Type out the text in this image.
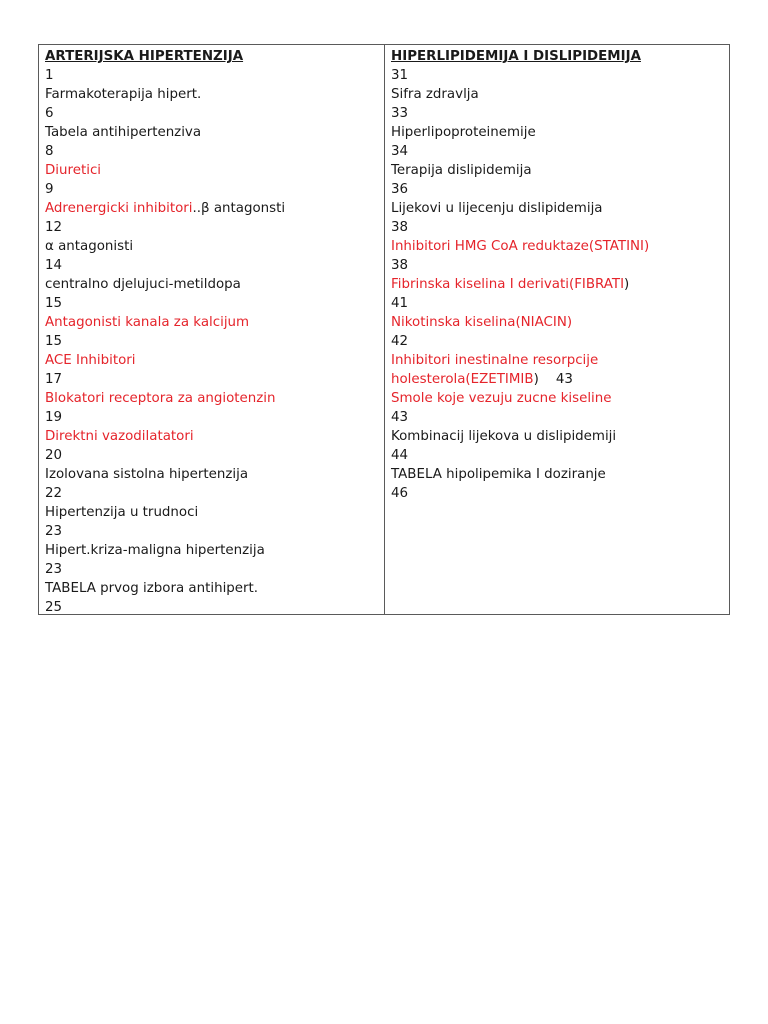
ARTERIJSKA HIPERTENZIJA
1
Farmakoterapija hipert.
6
Tabela antihipertenziva
8
Diuretici
9
Adrenergicki inhibitori..β antagonsti
12
α antagonisti
14
centralno djelujuci-metildopa
15
Antagonisti kanala za kalcijum
15
ACE Inhibitori
17
Blokatori receptora za angiotenzin
19
Direktni vazodilatatori
20
Izolovana sistolna hipertenzija
22
Hipertenzija u trudnoci
23
Hipert.kriza-maligna hipertenzija
23
TABELA prvog izbora antihipert.
25
HIPERLIPIDEMIJA I DISLIPIDEMIJA
31
Sifra zdravlja
33
Hiperlipoproteinemije
34
Terapija dislipidemija
36
Lijekovi u lijecenju dislipidemija
38
Inhibitori HMG CoA reduktaze(STATINI)
38
Fibrinska kiselina I derivati(FIBRATI)
41
Nikotinska kiselina(NIACIN)
42
Inhibitori inestinalne resorpcije
holesterola(EZETIMIB)    43
Smole koje vezuju zucne kiseline
43
Kombinacij lijekova u dislipidemiji
44
TABELA hipolipemika I doziranje
46
